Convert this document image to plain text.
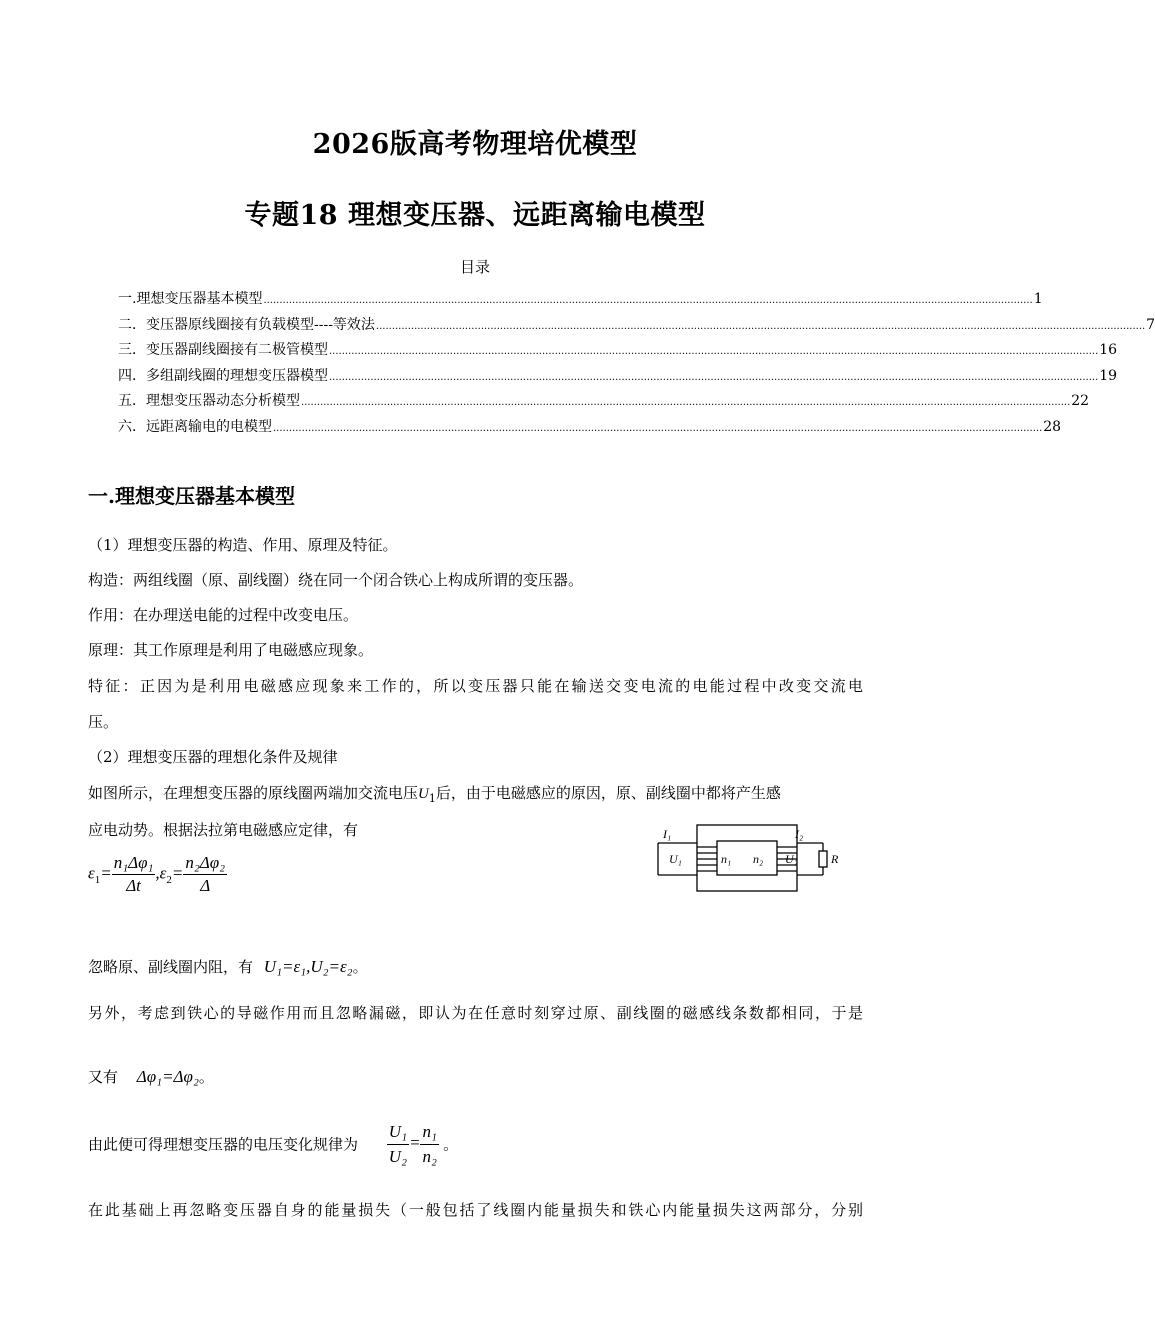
2026版高考物理培优模型
专题18 理想变压器、远距离输电模型
目录
一.理想变压器基本模型 .................................................................................................................................................................................................................................................. 1
二．变压器原线圈接有负载模型----等效法 .................................................................................................................................................................................................................................................. 7
三．变压器副线圈接有二极管模型 .................................................................................................................................................................................................................................................. 16
四．多组副线圈的理想变压器模型 .................................................................................................................................................................................................................................................. 19
五．理想变压器动态分析模型 .................................................................................................................................................................................................................................................. 22
六．远距离输电的电模型 .................................................................................................................................................................................................................................................. 28
一.理想变压器基本模型
（1）理想变压器的构造、作用、原理及特征。
构造：两组线圈（原、副线圈）绕在同一个闭合铁心上构成所谓的变压器。
作用：在办理送电能的过程中改变电压。
原理：其工作原理是利用了电磁感应现象。
特征：正因为是利用电磁感应现象来工作的，所以变压器只能在输送交变电流的电能过程中改变交流电
压。
（2）理想变压器的理想化条件及规律
如图所示，在理想变压器的原线圈两端加交流电压$U_1$后，由于电磁感应的原因，原、副线圈中都将产生感
应电动势。根据法拉第电磁感应定律，有
$\varepsilon_1= \frac{\text{n₁Δφ₁}}{\Delta t} ,\varepsilon_2= \frac{\text{n₂Δφ₂}}{\Delta}$
I₁	I₂
U₁	n₁ n₂ U₂	R
忽略原、副线圈内阻，有 U₁=ε₁,U₂=ε₂。
另外，考虑到铁心的导磁作用而且忽略漏磁，即认为在任意时刻穿过原、副线圈的磁感线条数都相同，于是
又有 Δφ₁=Δφ₂。
由此便可得理想变压器的电压变化规律为 $\frac{\text{U₁}}{\text{U₂}} = \frac{\text{n₁}}{\text{n₂}}$ 。
在此基础上再忽略变压器自身的能量损失（一般包括了线圈内能量损失和铁心内能量损失这两部分，分别
